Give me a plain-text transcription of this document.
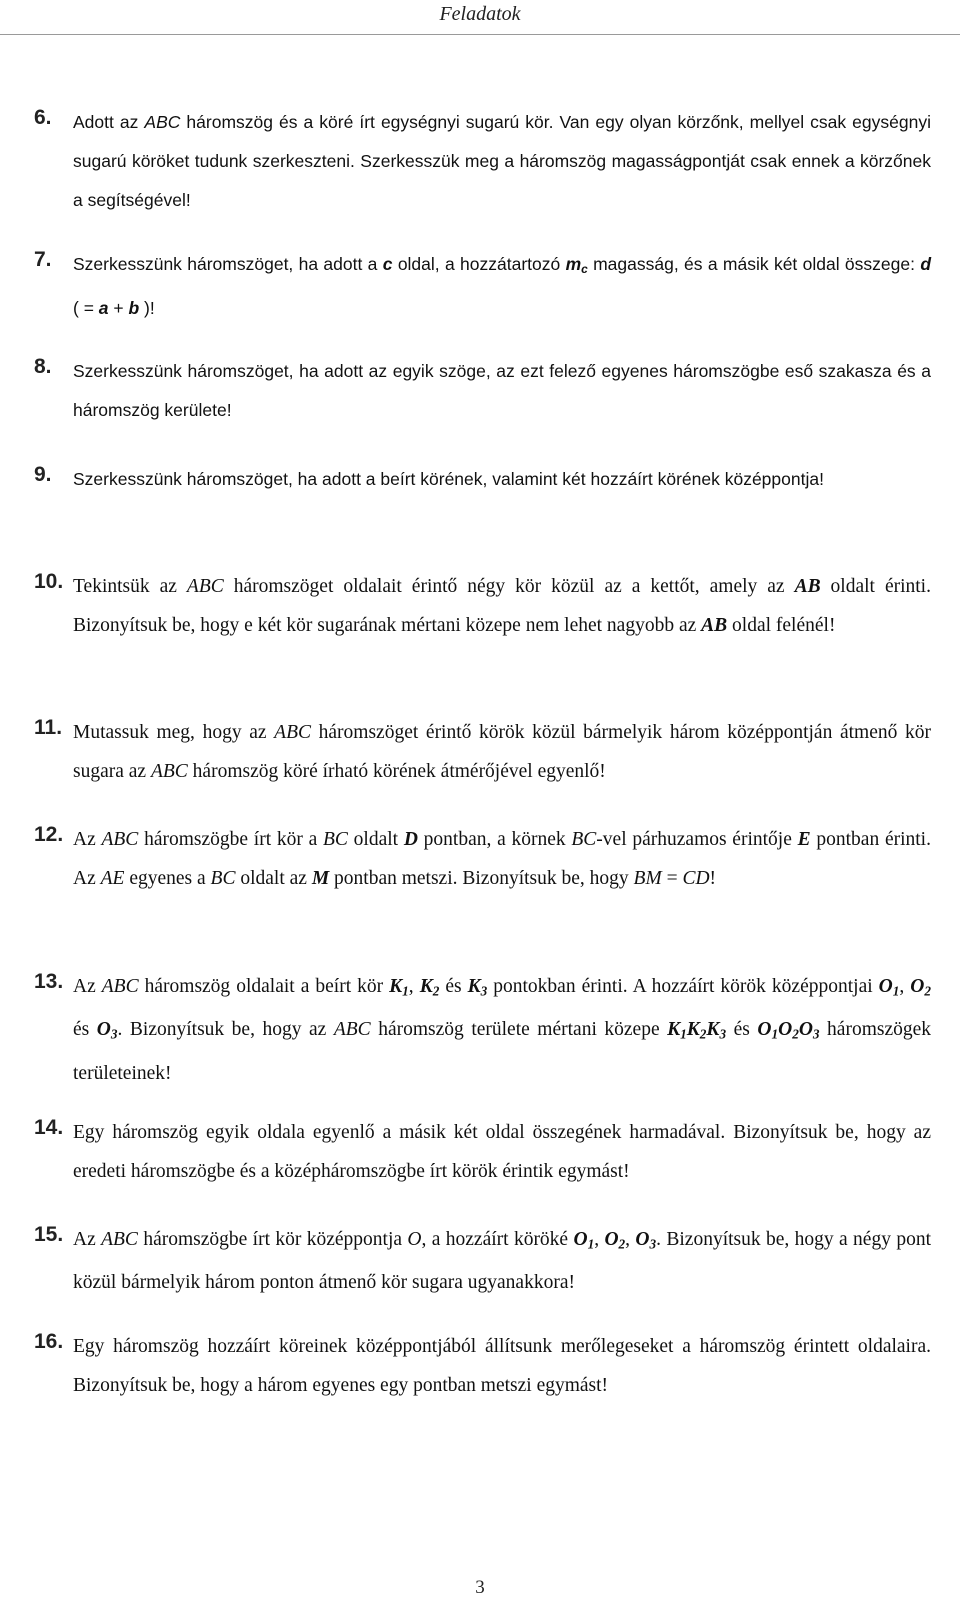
Feladatok
6. Adott az ABC háromszög és a köré írt egységnyi sugarú kör. Van egy olyan körzőnk, mellyel csak egységnyi sugarú köröket tudunk szerkeszteni. Szerkesszük meg a háromszög magasságpontját csak ennek a körzőnek a segítségével!
7. Szerkesszünk háromszöget, ha adott a c oldal, a hozzátartozó mc magasság, és a másik két oldal összege: d ( = a + b )!
8. Szerkesszünk háromszöget, ha adott az egyik szöge, az ezt felező egyenes háromszögbe eső szakasza és a háromszög kerülete!
9. Szerkesszünk háromszöget, ha adott a beírt körének, valamint két hozzáírt körének középpontja!
10. Tekintsük az ABC háromszöget oldalait érintő négy kör közül az a kettőt, amely az AB oldalt érinti. Bizonyítsuk be, hogy e két kör sugarának mértani közepe nem lehet nagyobb az AB oldal felénél!
11. Mutassuk meg, hogy az ABC háromszöget érintő körök közül bármelyik három középpontján átmenő kör sugara az ABC háromszög köré írható körének átmérőjével egyenlő!
12. Az ABC háromszögbe írt kör a BC oldalt D pontban, a körnek BC-vel párhuzamos érintője E pontban érinti. Az AE egyenes a BC oldalt az M pontban metszi. Bizonyítsuk be, hogy BM = CD!
13. Az ABC háromszög oldalait a beírt kör K1, K2 és K3 pontokban érinti. A hozzáírt körök középpontjai O1, O2 és O3. Bizonyítsuk be, hogy az ABC háromszög területe mértani közepe K1K2K3 és O1O2O3 háromszögek területeinek!
14. Egy háromszög egyik oldala egyenlő a másik két oldal összegének harmadával. Bizonyítsuk be, hogy az eredeti háromszögbe és a középháromszögbe írt körök érintik egymást!
15. Az ABC háromszögbe írt kör középpontja O, a hozzáírt köröké O1, O2, O3. Bizonyítsuk be, hogy a négy pont közül bármelyik három ponton átmenő kör sugara ugyanakkora!
16. Egy háromszög hozzáírt köreinek középpontjából állítsunk merőlegeseket a háromszög érintett oldalaira. Bizonyítsuk be, hogy a három egyenes egy pontban metszi egymást!
3
